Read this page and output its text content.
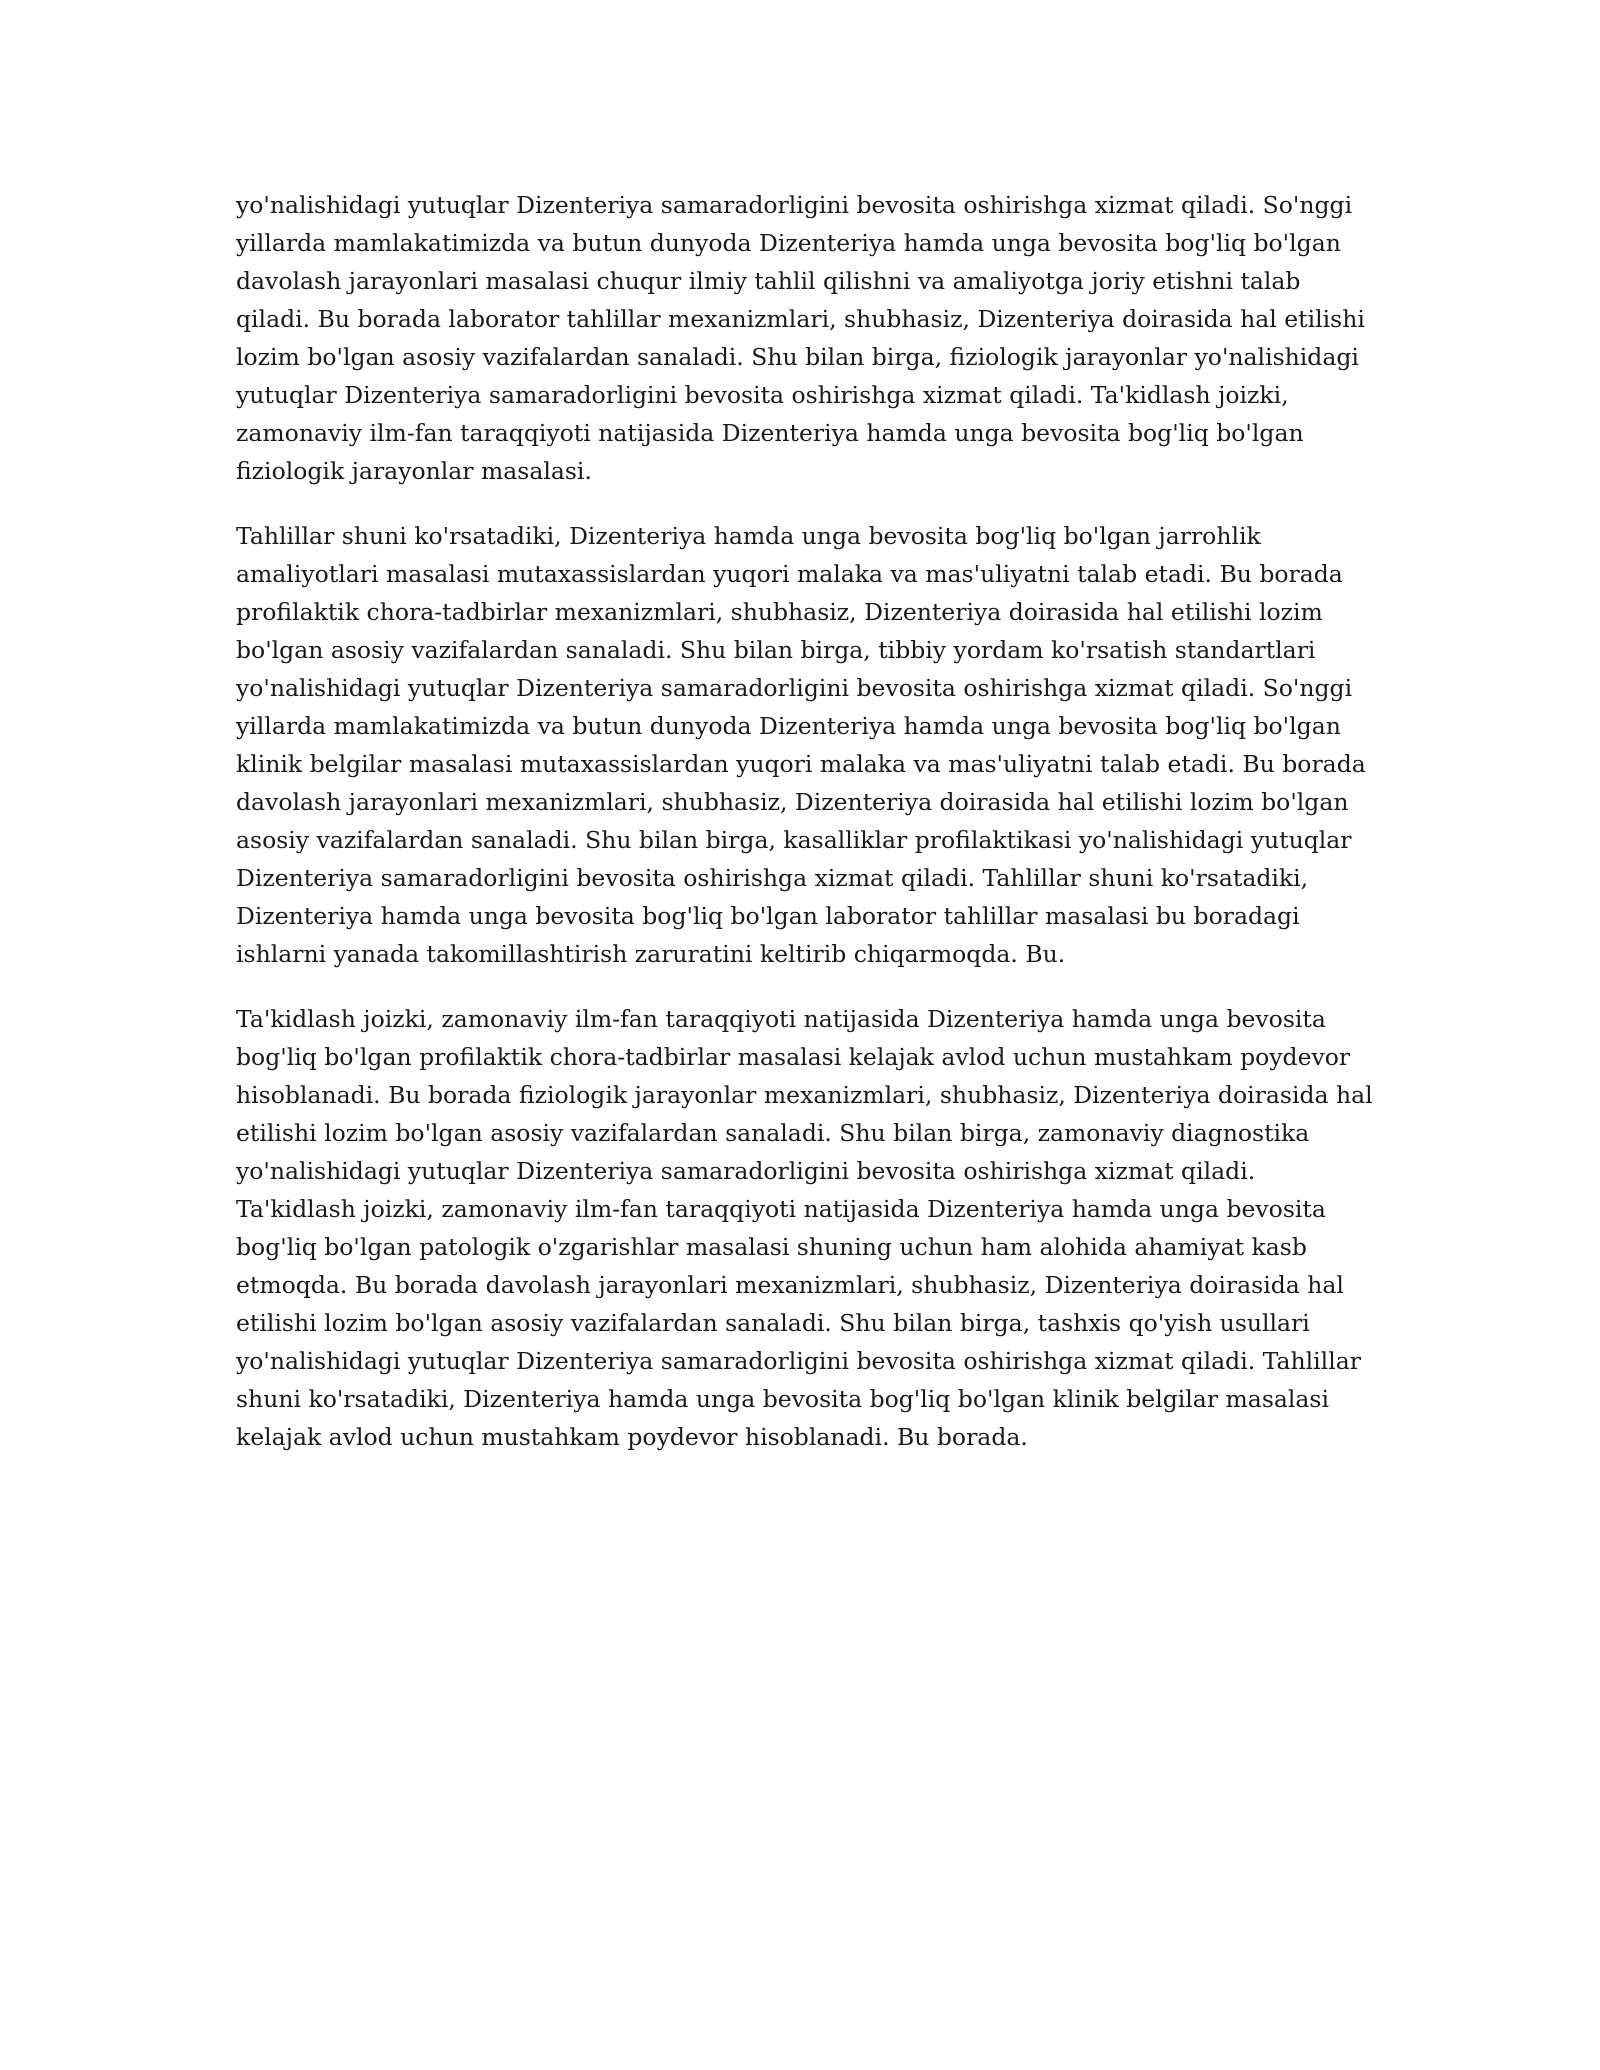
yo'nalishidagi yutuqlar Dizenteriya samaradorligini bevosita oshirishga xizmat qiladi. So'nggi
yillarda mamlakatimizda va butun dunyoda Dizenteriya hamda unga bevosita bog'liq bo'lgan
davolash jarayonlari masalasi chuqur ilmiy tahlil qilishni va amaliyotga joriy etishni talab
qiladi. Bu borada laborator tahlillar mexanizmlari, shubhasiz, Dizenteriya doirasida hal etilishi
lozim bo'lgan asosiy vazifalardan sanaladi. Shu bilan birga, fiziologik jarayonlar yo'nalishidagi
yutuqlar Dizenteriya samaradorligini bevosita oshirishga xizmat qiladi. Ta'kidlash joizki,
zamonaviy ilm-fan taraqqiyoti natijasida Dizenteriya hamda unga bevosita bog'liq bo'lgan
fiziologik jarayonlar masalasi.

Tahlillar shuni ko'rsatadiki, Dizenteriya hamda unga bevosita bog'liq bo'lgan jarrohlik
amaliyotlari masalasi mutaxassislardan yuqori malaka va mas'uliyatni talab etadi. Bu borada
profilaktik chora-tadbirlar mexanizmlari, shubhasiz, Dizenteriya doirasida hal etilishi lozim
bo'lgan asosiy vazifalardan sanaladi. Shu bilan birga, tibbiy yordam ko'rsatish standartlari
yo'nalishidagi yutuqlar Dizenteriya samaradorligini bevosita oshirishga xizmat qiladi. So'nggi
yillarda mamlakatimizda va butun dunyoda Dizenteriya hamda unga bevosita bog'liq bo'lgan
klinik belgilar masalasi mutaxassislardan yuqori malaka va mas'uliyatni talab etadi. Bu borada
davolash jarayonlari mexanizmlari, shubhasiz, Dizenteriya doirasida hal etilishi lozim bo'lgan
asosiy vazifalardan sanaladi. Shu bilan birga, kasalliklar profilaktikasi yo'nalishidagi yutuqlar
Dizenteriya samaradorligini bevosita oshirishga xizmat qiladi. Tahlillar shuni ko'rsatadiki,
Dizenteriya hamda unga bevosita bog'liq bo'lgan laborator tahlillar masalasi bu boradagi
ishlarni yanada takomillashtirish zaruratini keltirib chiqarmoqda. Bu.

Ta'kidlash joizki, zamonaviy ilm-fan taraqqiyoti natijasida Dizenteriya hamda unga bevosita
bog'liq bo'lgan profilaktik chora-tadbirlar masalasi kelajak avlod uchun mustahkam poydevor
hisoblanadi. Bu borada fiziologik jarayonlar mexanizmlari, shubhasiz, Dizenteriya doirasida hal
etilishi lozim bo'lgan asosiy vazifalardan sanaladi. Shu bilan birga, zamonaviy diagnostika
yo'nalishidagi yutuqlar Dizenteriya samaradorligini bevosita oshirishga xizmat qiladi.
Ta'kidlash joizki, zamonaviy ilm-fan taraqqiyoti natijasida Dizenteriya hamda unga bevosita
bog'liq bo'lgan patologik o'zgarishlar masalasi shuning uchun ham alohida ahamiyat kasb
etmoqda. Bu borada davolash jarayonlari mexanizmlari, shubhasiz, Dizenteriya doirasida hal
etilishi lozim bo'lgan asosiy vazifalardan sanaladi. Shu bilan birga, tashxis qo'yish usullari
yo'nalishidagi yutuqlar Dizenteriya samaradorligini bevosita oshirishga xizmat qiladi. Tahlillar
shuni ko'rsatadiki, Dizenteriya hamda unga bevosita bog'liq bo'lgan klinik belgilar masalasi
kelajak avlod uchun mustahkam poydevor hisoblanadi. Bu borada.
